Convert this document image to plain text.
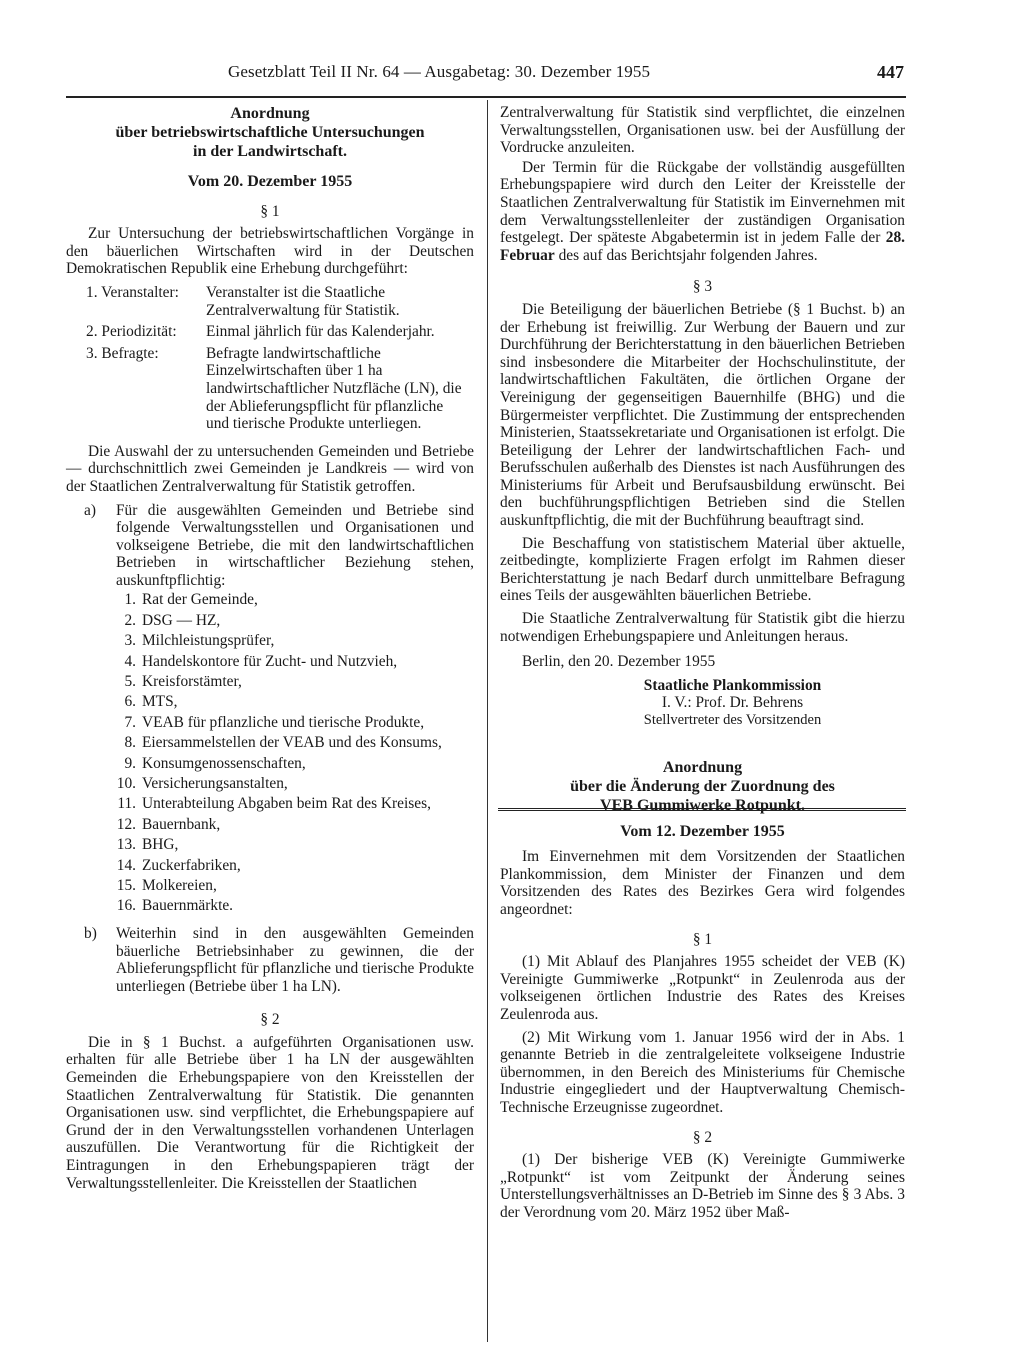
Gesetzblatt Teil II Nr. 64 — Ausgabetag: 30. Dezember 1955	447
Anordnung
über betriebswirtschaftliche Untersuchungen
in der Landwirtschaft.
Vom 20. Dezember 1955
§ 1

Zur Untersuchung der betriebswirtschaftlichen Vorgänge in den bäuerlichen Wirtschaften wird in der Deutschen Demokratischen Republik eine Erhebung durchgeführt:

1. Veranstalter:	Veranstalter ist die Staatliche Zentralverwaltung für Statistik.
2. Periodizität:	Einmal jährlich für das Kalenderjahr.
3. Befragte:	Befragte landwirtschaftliche Einzelwirtschaften über 1 ha landwirtschaftlicher Nutzfläche (LN), die der Ablieferungspflicht für pflanzliche und tierische Produkte unterliegen.

Die Auswahl der zu untersuchenden Gemeinden und Betriebe — durchschnittlich zwei Gemeinden je Landkreis — wird von der Staatlichen Zentralverwaltung für Statistik getroffen.

a)	Für die ausgewählten Gemeinden und Betriebe sind folgende Verwaltungsstellen und Organisationen und volkseigene Betriebe, die mit den landwirtschaftlichen Betrieben in wirtschaftlicher Beziehung stehen, auskunftpflichtig:
1. Rat der Gemeinde,
2. DSG — HZ,
3. Milchleistungsprüfer,
4. Handelskontore für Zucht- und Nutzvieh,
5. Kreisforstämter,
6. MTS,
7. VEAB für pflanzliche und tierische Produkte,
8. Eiersammelstellen der VEAB und des Konsums,
9. Konsumgenossenschaften,
10. Versicherungsanstalten,
11. Unterabteilung Abgaben beim Rat des Kreises,
12. Bauernbank,
13. BHG,
14. Zuckerfabriken,
15. Molkereien,
16. Bauernmärkte.
b)	Weiterhin sind in den ausgewählten Gemeinden bäuerliche Betriebsinhaber zu gewinnen, die der Ablieferungspflicht für pflanzliche und tierische Produkte unterliegen (Betriebe über 1 ha LN).
§ 2

Die in § 1 Buchst. a aufgeführten Organisationen usw. erhalten für alle Betriebe über 1 ha LN der ausgewählten Gemeinden die Erhebungspapiere von den Kreisstellen der Staatlichen Zentralverwaltung für Statistik. Die genannten Organisationen usw. sind verpflichtet, die Erhebungspapiere auf Grund der in den Verwaltungsstellen vorhandenen Unterlagen auszufüllen. Die Verantwortung für die Richtigkeit der Eintragungen in den Erhebungspapieren trägt der Verwaltungsstellenleiter. Die Kreisstellen der Staatlichen

Zentralverwaltung für Statistik sind verpflichtet, die einzelnen Verwaltungsstellen, Organisationen usw. bei der Ausfüllung der Vordrucke anzuleiten.

Der Termin für die Rückgabe der vollständig ausgefüllten Erhebungspapiere wird durch den Leiter der Kreisstelle der Staatlichen Zentralverwaltung für Statistik im Einvernehmen mit dem Verwaltungsstellenleiter der zuständigen Organisation festgelegt. Der späteste Abgabetermin ist in jedem Falle der 28. Februar des auf das Berichtsjahr folgenden Jahres.

§ 3

Die Beteiligung der bäuerlichen Betriebe (§ 1 Buchst. b) an der Erhebung ist freiwillig. Zur Werbung der Bauern und zur Durchführung der Berichterstattung in den bäuerlichen Betrieben sind insbesondere die Mitarbeiter der Hochschulinstitute, der landwirtschaftlichen Fakultäten, die örtlichen Organe der Vereinigung der gegenseitigen Bauernhilfe (BHG) und die Bürgermeister verpflichtet. Die Zustimmung der entsprechenden Ministerien, Staatssekretariate und Organisationen ist erfolgt. Die Beteiligung der Lehrer der landwirtschaftlichen Fach- und Berufsschulen außerhalb des Dienstes ist nach Ausführungen des Ministeriums für Arbeit und Berufsausbildung erwünscht. Bei den buchführungspflichtigen Betrieben sind die Stellen auskunftpflichtig, die mit der Buchführung beauftragt sind.

Die Beschaffung von statistischem Material über aktuelle, zeitbedingte, komplizierte Fragen erfolgt im Rahmen dieser Berichterstattung je nach Bedarf durch unmittelbare Befragung eines Teils der ausgewählten bäuerlichen Betriebe.

Die Staatliche Zentralverwaltung für Statistik gibt die hierzu notwendigen Erhebungspapiere und Anleitungen heraus.

Berlin, den 20. Dezember 1955

Staatliche Plankommission
I. V.: Prof. Dr. Behrens
Stellvertreter des Vorsitzenden
Anordnung
über die Änderung der Zuordnung des
VEB Gummiwerke Rotpunkt.
Vom 12. Dezember 1955

Im Einvernehmen mit dem Vorsitzenden der Staatlichen Plankommission, dem Minister der Finanzen und dem Vorsitzenden des Rates des Bezirkes Gera wird folgendes angeordnet:

§ 1

(1) Mit Ablauf des Planjahres 1955 scheidet der VEB (K) Vereinigte Gummiwerke „Rotpunkt“ in Zeulenroda aus der volkseigenen örtlichen Industrie des Rates des Kreises Zeulenroda aus.

(2) Mit Wirkung vom 1. Januar 1956 wird der in Abs. 1 genannte Betrieb in die zentralgeleitete volkseigene Industrie übernommen, in den Bereich des Ministeriums für Chemische Industrie eingegliedert und der Hauptverwaltung Chemisch-Technische Erzeugnisse zugeordnet.

§ 2

(1) Der bisherige VEB (K) Vereinigte Gummiwerke „Rotpunkt“ ist vom Zeitpunkt der Änderung seines Unterstellungsverhältnisses an D-Betrieb im Sinne des § 3 Abs. 3 der Verordnung vom 20. März 1952 über Maß-
